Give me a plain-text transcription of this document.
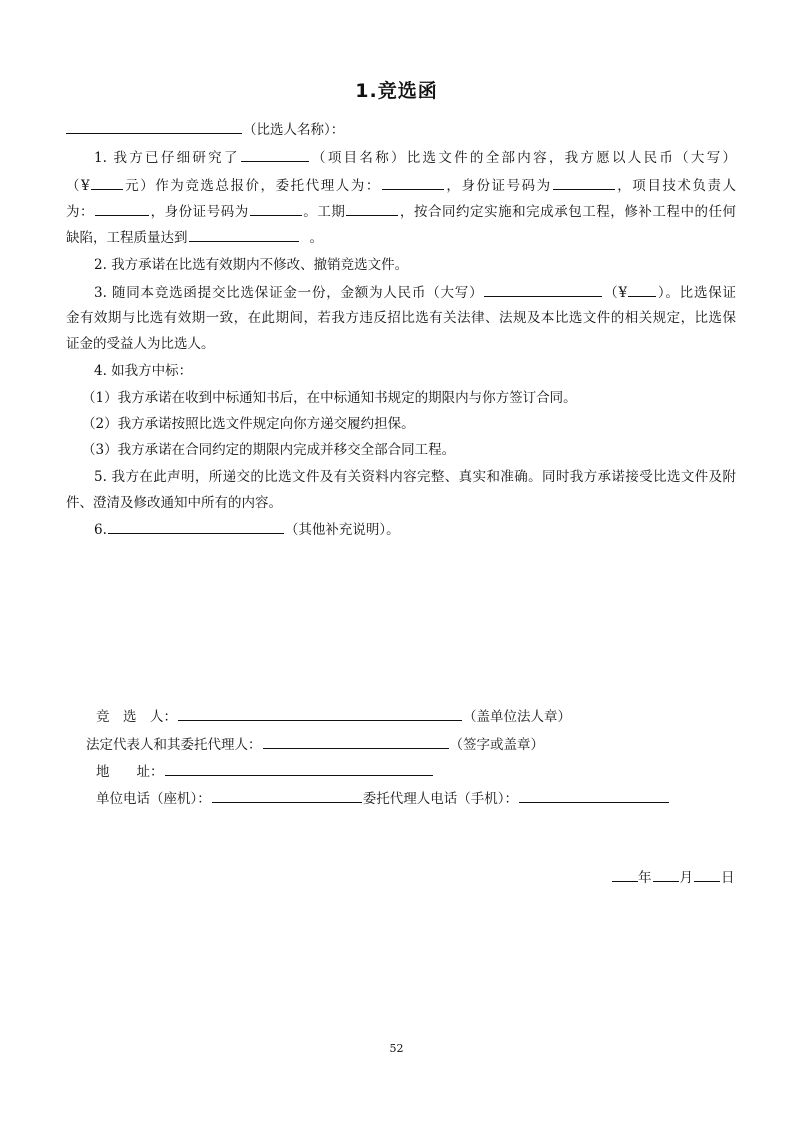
1.竞选函
（比选人名称）：
1. 我方已仔细研究了	（项目名称）比选文件的全部内容，我方愿以人民币（大写）
（¥	元）作为竞选总报价，委托代理人为：	，身份证号码为	，项目技术负责人
为：	，身份证号码为	。工期	，按合同约定实施和完成承包工程，修补工程中的任何
缺陷，工程质量达到	。
2. 我方承诺在比选有效期内不修改、撤销竞选文件。
3. 随同本竞选函提交比选保证金一份，金额为人民币（大写）	（¥ ）。比选保证
金有效期与比选有效期一致，在此期间，若我方违反招比选有关法律、法规及本比选文件的相关规定，比选保
证金的受益人为比选人。
4. 如我方中标：
（1）我方承诺在收到中标通知书后，在中标通知书规定的期限内与你方签订合同。
（2）我方承诺按照比选文件规定向你方递交履约担保。
（3）我方承诺在合同约定的期限内完成并移交全部合同工程。
5. 我方在此声明，所递交的比选文件及有关资料内容完整、真实和准确。同时我方承诺接受比选文件及附
件、澄清及修改通知中所有的内容。
6.	（其他补充说明）。
竞　选　人：	（盖单位法人章）
法定代表人和其委托代理人：	（签字或盖章）
地　　址：
单位电话（座机）：	委托代理人电话（手机）：
年 月 日
52
